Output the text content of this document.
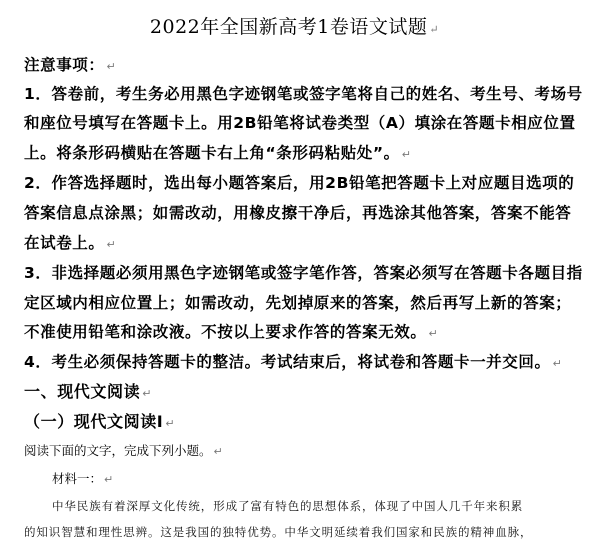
2022年全国新高考1卷语文试题 ↵
注意事项： ↵
1．答卷前，考生务必用黑色字迹钢笔或签字笔将自己的姓名、考生号、考场号
和座位号填写在答题卡上。用2B铅笔将试卷类型（A）填涂在答题卡相应位置
上。将条形码横贴在答题卡右上角“条形码粘贴处”。 ↵
2．作答选择题时，选出每小题答案后，用2B铅笔把答题卡上对应题目选项的
答案信息点涂黑；如需改动，用橡皮擦干净后，再选涂其他答案，答案不能答
在试卷上。 ↵
3．非选择题必须用黑色字迹钢笔或签字笔作答，答案必须写在答题卡各题目指
定区域内相应位置上；如需改动，先划掉原来的答案，然后再写上新的答案；
不准使用铅笔和涂改液。不按以上要求作答的答案无效。 ↵
4．考生必须保持答题卡的整洁。考试结束后，将试卷和答题卡一并交回。 ↵
一、现代文阅读 ↵
（一）现代文阅读Ⅰ ↵
阅读下面的文字，完成下列小题。 ↵
材料一： ↵
中华民族有着深厚文化传统，形成了富有特色的思想体系，体现了中国人几千年来积累
的知识智慧和理性思辨。这是我国的独特优势。中华文明延续着我们国家和民族的精神血脉，
